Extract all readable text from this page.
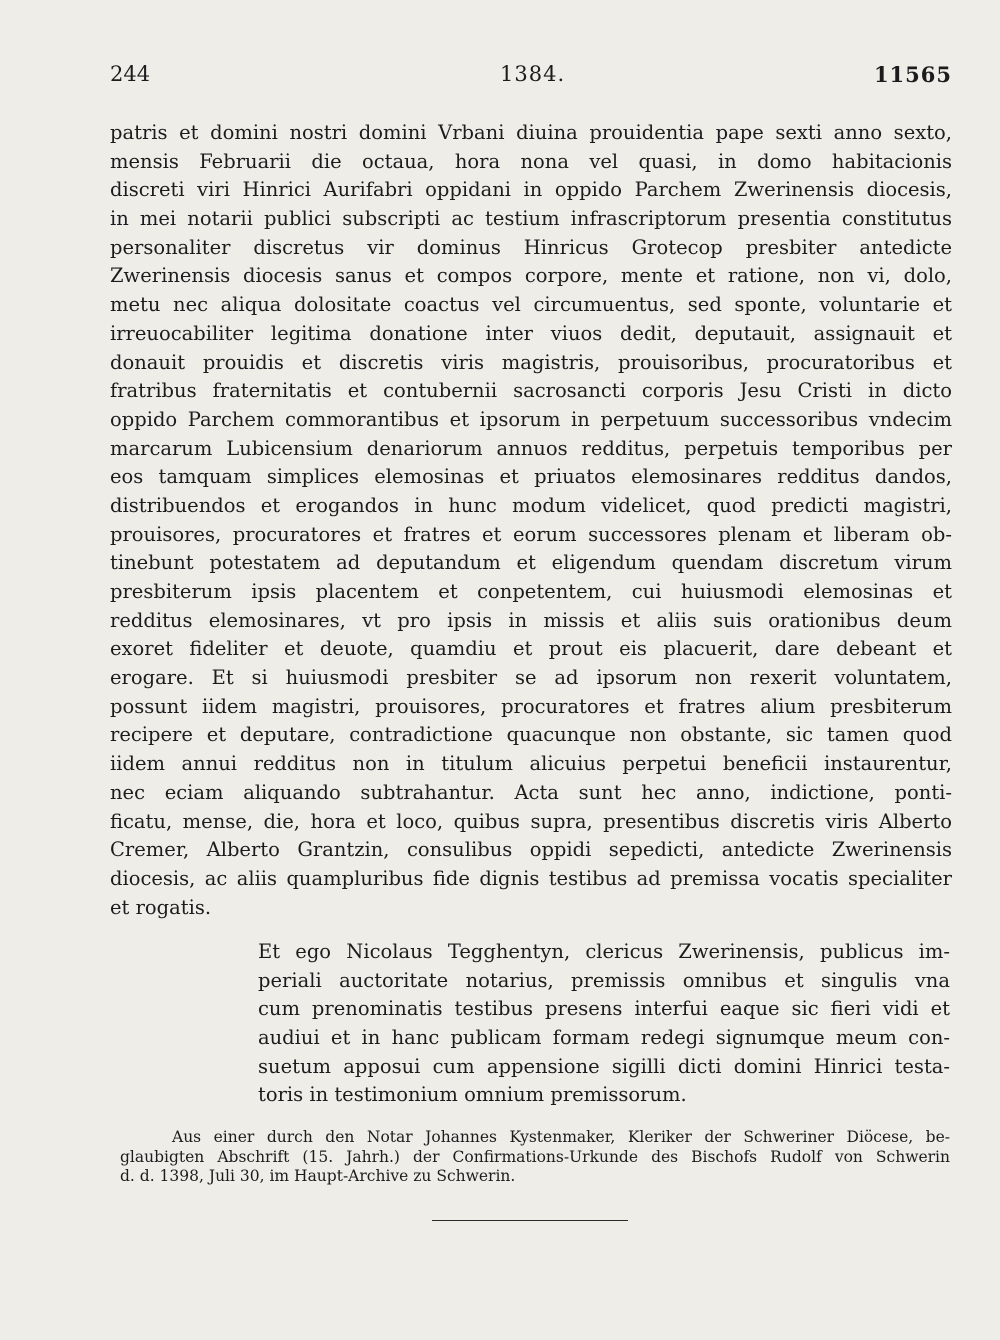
244	1384.	11565
patris et domini nostri domini Vrbani diuina prouidentia pape sexti anno sexto,
mensis Februarii die octaua, hora nona vel quasi, in domo habitacionis
discreti viri Hinrici Aurifabri oppidani in oppido Parchem Zwerinensis diocesis,
in mei notarii publici subscripti ac testium infrascriptorum presentia constitutus
personaliter discretus vir dominus Hinricus Grotecop presbiter antedicte
Zwerinensis diocesis sanus et compos corpore, mente et ratione, non vi, dolo,
metu nec aliqua dolositate coactus vel circumuentus, sed sponte, voluntarie et
irreuocabiliter legitima donatione inter viuos dedit, deputauit, assignauit et
donauit prouidis et discretis viris magistris, prouisoribus, procuratoribus et
fratribus fraternitatis et contubernii sacrosancti corporis Jesu Cristi in dicto
oppido Parchem commorantibus et ipsorum in perpetuum successoribus vndecim
marcarum Lubicensium denariorum annuos redditus, perpetuis temporibus per
eos tamquam simplices elemosinas et priuatos elemosinares redditus dandos,
distribuendos et erogandos in hunc modum videlicet, quod predicti magistri,
prouisores, procuratores et fratres et eorum successores plenam et liberam ob-
tinebunt potestatem ad deputandum et eligendum quendam discretum virum
presbiterum ipsis placentem et conpetentem, cui huiusmodi elemosinas et
redditus elemosinares, vt pro ipsis in missis et aliis suis orationibus deum
exoret fideliter et deuote, quamdiu et prout eis placuerit, dare debeant et
erogare. Et si huiusmodi presbiter se ad ipsorum non rexerit voluntatem,
possunt iidem magistri, prouisores, procuratores et fratres alium presbiterum
recipere et deputare, contradictione quacunque non obstante, sic tamen quod
iidem annui redditus non in titulum alicuius perpetui beneficii instaurentur,
nec eciam aliquando subtrahantur. Acta sunt hec anno, indictione, ponti-
ficatu, mense, die, hora et loco, quibus supra, presentibus discretis viris Alberto
Cremer, Alberto Grantzin, consulibus oppidi sepedicti, antedicte Zwerinensis
diocesis, ac aliis quampluribus fide dignis testibus ad premissa vocatis specialiter
et rogatis.
Et ego Nicolaus Tegghentyn, clericus Zwerinensis, publicus im-
periali auctoritate notarius, premissis omnibus et singulis vna
cum prenominatis testibus presens interfui eaque sic fieri vidi et
audiui et in hanc publicam formam redegi signumque meum con-
suetum apposui cum appensione sigilli dicti domini Hinrici testa-
toris in testimonium omnium premissorum.
Aus einer durch den Notar Johannes Kystenmaker, Kleriker der Schweriner Diöcese, be-
glaubigten Abschrift (15. Jahrh.) der Confirmations-Urkunde des Bischofs Rudolf von Schwerin
d. d. 1398, Juli 30, im Haupt-Archive zu Schwerin.
